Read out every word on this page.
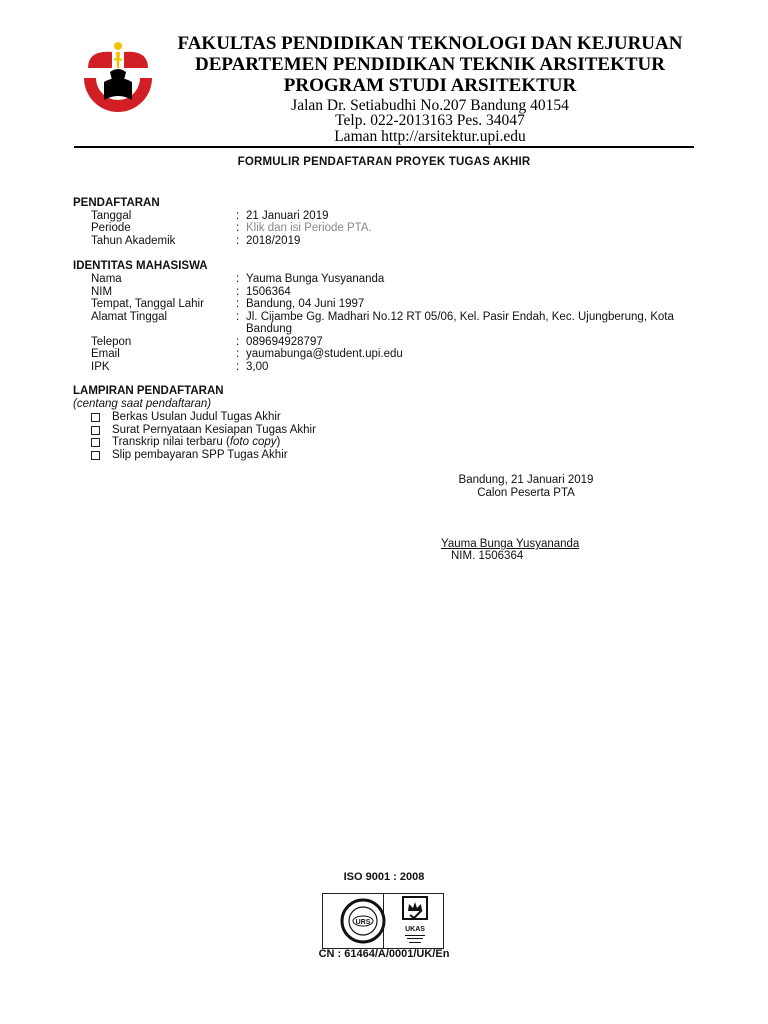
FAKULTAS PENDIDIKAN TEKNOLOGI DAN KEJURUAN
DEPARTEMEN PENDIDIKAN TEKNIK ARSITEKTUR
PROGRAM STUDI ARSITEKTUR
Jalan Dr. Setiabudhi No.207 Bandung 40154
Telp. 022-2013163 Pes. 34047
Laman http://arsitektur.upi.edu
FORMULIR PENDAFTARAN PROYEK TUGAS AKHIR
PENDAFTARAN
Tanggal	: 21 Januari 2019
Periode	: Klik dan isi Periode PTA.
Tahun Akademik	: 2018/2019
IDENTITAS MAHASISWA
Nama	: Yauma Bunga Yusyananda
NIM	: 1506364
Tempat, Tanggal Lahir	: Bandung, 04 Juni 1997
Alamat Tinggal	: Jl. Cijambe Gg. Madhari No.12 RT 05/06, Kel. Pasir Endah, Kec. Ujungberung, Kota
Bandung
Telepon	: 089694928797
Email	: yaumabunga@student.upi.edu
IPK	: 3,00
LAMPIRAN PENDAFTARAN
(centang saat pendaftaran)
Berkas Usulan Judul Tugas Akhir
Surat Pernyataan Kesiapan Tugas Akhir
Transkrip nilai terbaru ( foto copy )
Slip pembayaran SPP Tugas Akhir
Bandung, 21 Januari 2019
Calon Peserta PTA
Yauma Bunga Yusyananda
NIM. 1506364
ISO 9001 : 2008
URS
UKAS
CN : 61464/A/0001/UK/En
